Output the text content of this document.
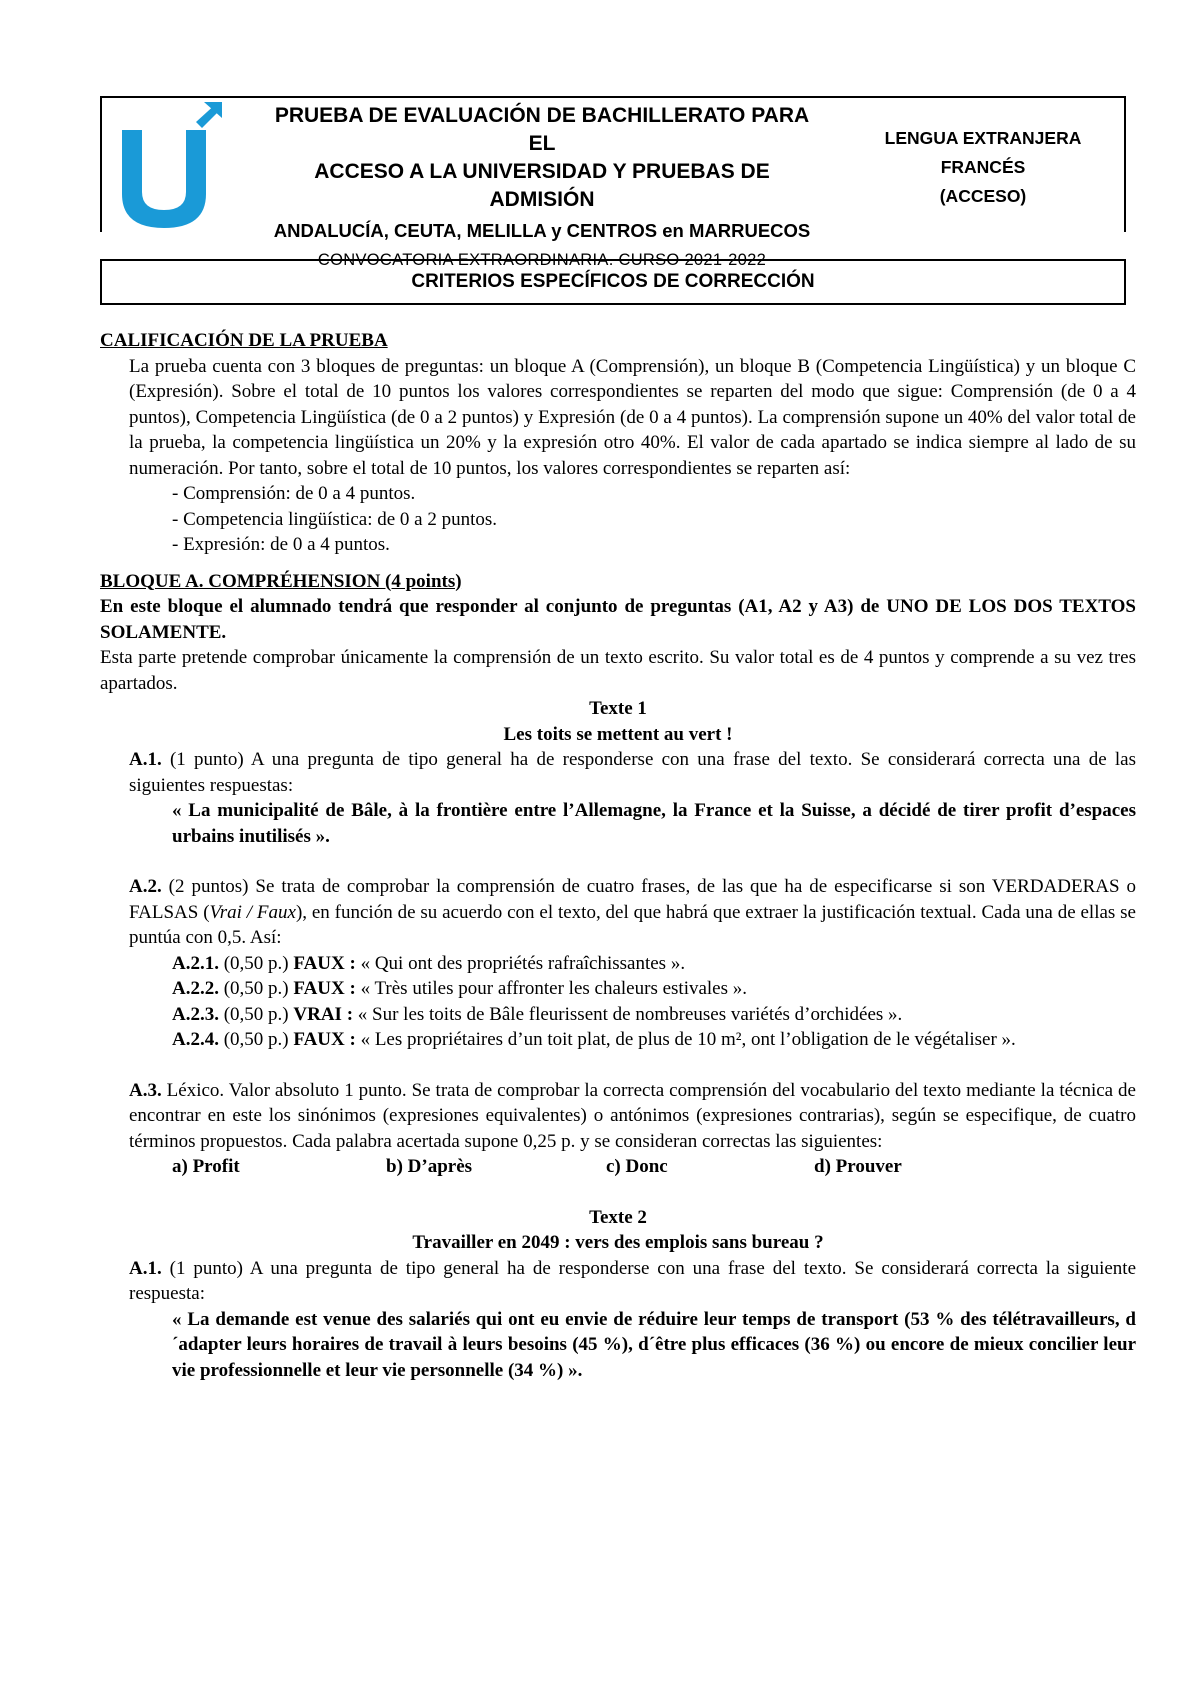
PRUEBA DE EVALUACIÓN DE BACHILLERATO PARA EL
ACCESO A LA UNIVERSIDAD Y PRUEBAS DE ADMISIÓN
ANDALUCÍA, CEUTA, MELILLA y CENTROS en MARRUECOS
CONVOCATORIA EXTRAORDINARIA. CURSO 2021-2022
LENGUA EXTRANJERA
FRANCÉS
(ACCESO)
CRITERIOS ESPECÍFICOS DE CORRECCIÓN
CALIFICACIÓN DE LA PRUEBA
La prueba cuenta con 3 bloques de preguntas: un bloque A (Comprensión), un bloque B (Competencia Lingüística) y un bloque C (Expresión). Sobre el total de 10 puntos los valores correspondientes se reparten del modo que sigue: Comprensión (de 0 a 4 puntos), Competencia Lingüística (de 0 a 2 puntos) y Expresión (de 0 a 4 puntos). La comprensión supone un 40% del valor total de la prueba, la competencia lingüística un 20% y la expresión otro 40%. El valor de cada apartado se indica siempre al lado de su numeración. Por tanto, sobre el total de 10 puntos, los valores correspondientes se reparten así:
- Comprensión: de 0 a 4 puntos.
- Competencia lingüística: de 0 a 2 puntos.
- Expresión: de 0 a 4 puntos.
BLOQUE A. COMPRÉHENSION (4 points)
En este bloque el alumnado tendrá que responder al conjunto de preguntas (A1, A2 y A3) de UNO DE LOS DOS TEXTOS SOLAMENTE.
Esta parte pretende comprobar únicamente la comprensión de un texto escrito. Su valor total es de 4 puntos y comprende a su vez tres apartados.
Texte 1
Les toits se mettent au vert !
A.1. (1 punto) A una pregunta de tipo general ha de responderse con una frase del texto. Se considerará correcta una de las siguientes respuestas:
« La municipalité de Bâle, à la frontière entre l’Allemagne, la France et la Suisse, a décidé de tirer profit d’espaces urbains inutilisés ».
A.2. (2 puntos) Se trata de comprobar la comprensión de cuatro frases, de las que ha de especificarse si son VERDADERAS o FALSAS (Vrai / Faux), en función de su acuerdo con el texto, del que habrá que extraer la justificación textual. Cada una de ellas se puntúa con 0,5. Así:
A.2.1. (0,50 p.) FAUX : « Qui ont des propriétés rafraîchissantes ».
A.2.2. (0,50 p.) FAUX : « Très utiles pour affronter les chaleurs estivales ».
A.2.3. (0,50 p.) VRAI : « Sur les toits de Bâle fleurissent de nombreuses variétés d’orchidées ».
A.2.4. (0,50 p.) FAUX : « Les propriétaires d’un toit plat, de plus de 10 m², ont l’obligation de le végétaliser ».
A.3. Léxico. Valor absoluto 1 punto. Se trata de comprobar la correcta comprensión del vocabulario del texto mediante la técnica de encontrar en este los sinónimos (expresiones equivalentes) o antónimos (expresiones contrarias), según se especifique, de cuatro términos propuestos. Cada palabra acertada supone 0,25 p. y se consideran correctas las siguientes:
a) Profit	b) D’après	c) Donc	d) Prouver
Texte 2
Travailler en 2049 : vers des emplois sans bureau ?
A.1. (1 punto) A una pregunta de tipo general ha de responderse con una frase del texto. Se considerará correcta la siguiente respuesta:
« La demande est venue des salariés qui ont eu envie de réduire leur temps de transport (53 % des télétravailleurs, d´adapter leurs horaires de travail à leurs besoins (45 %), d´être plus efficaces (36 %) ou encore de mieux concilier leur vie professionnelle et leur vie personnelle (34 %) ».
